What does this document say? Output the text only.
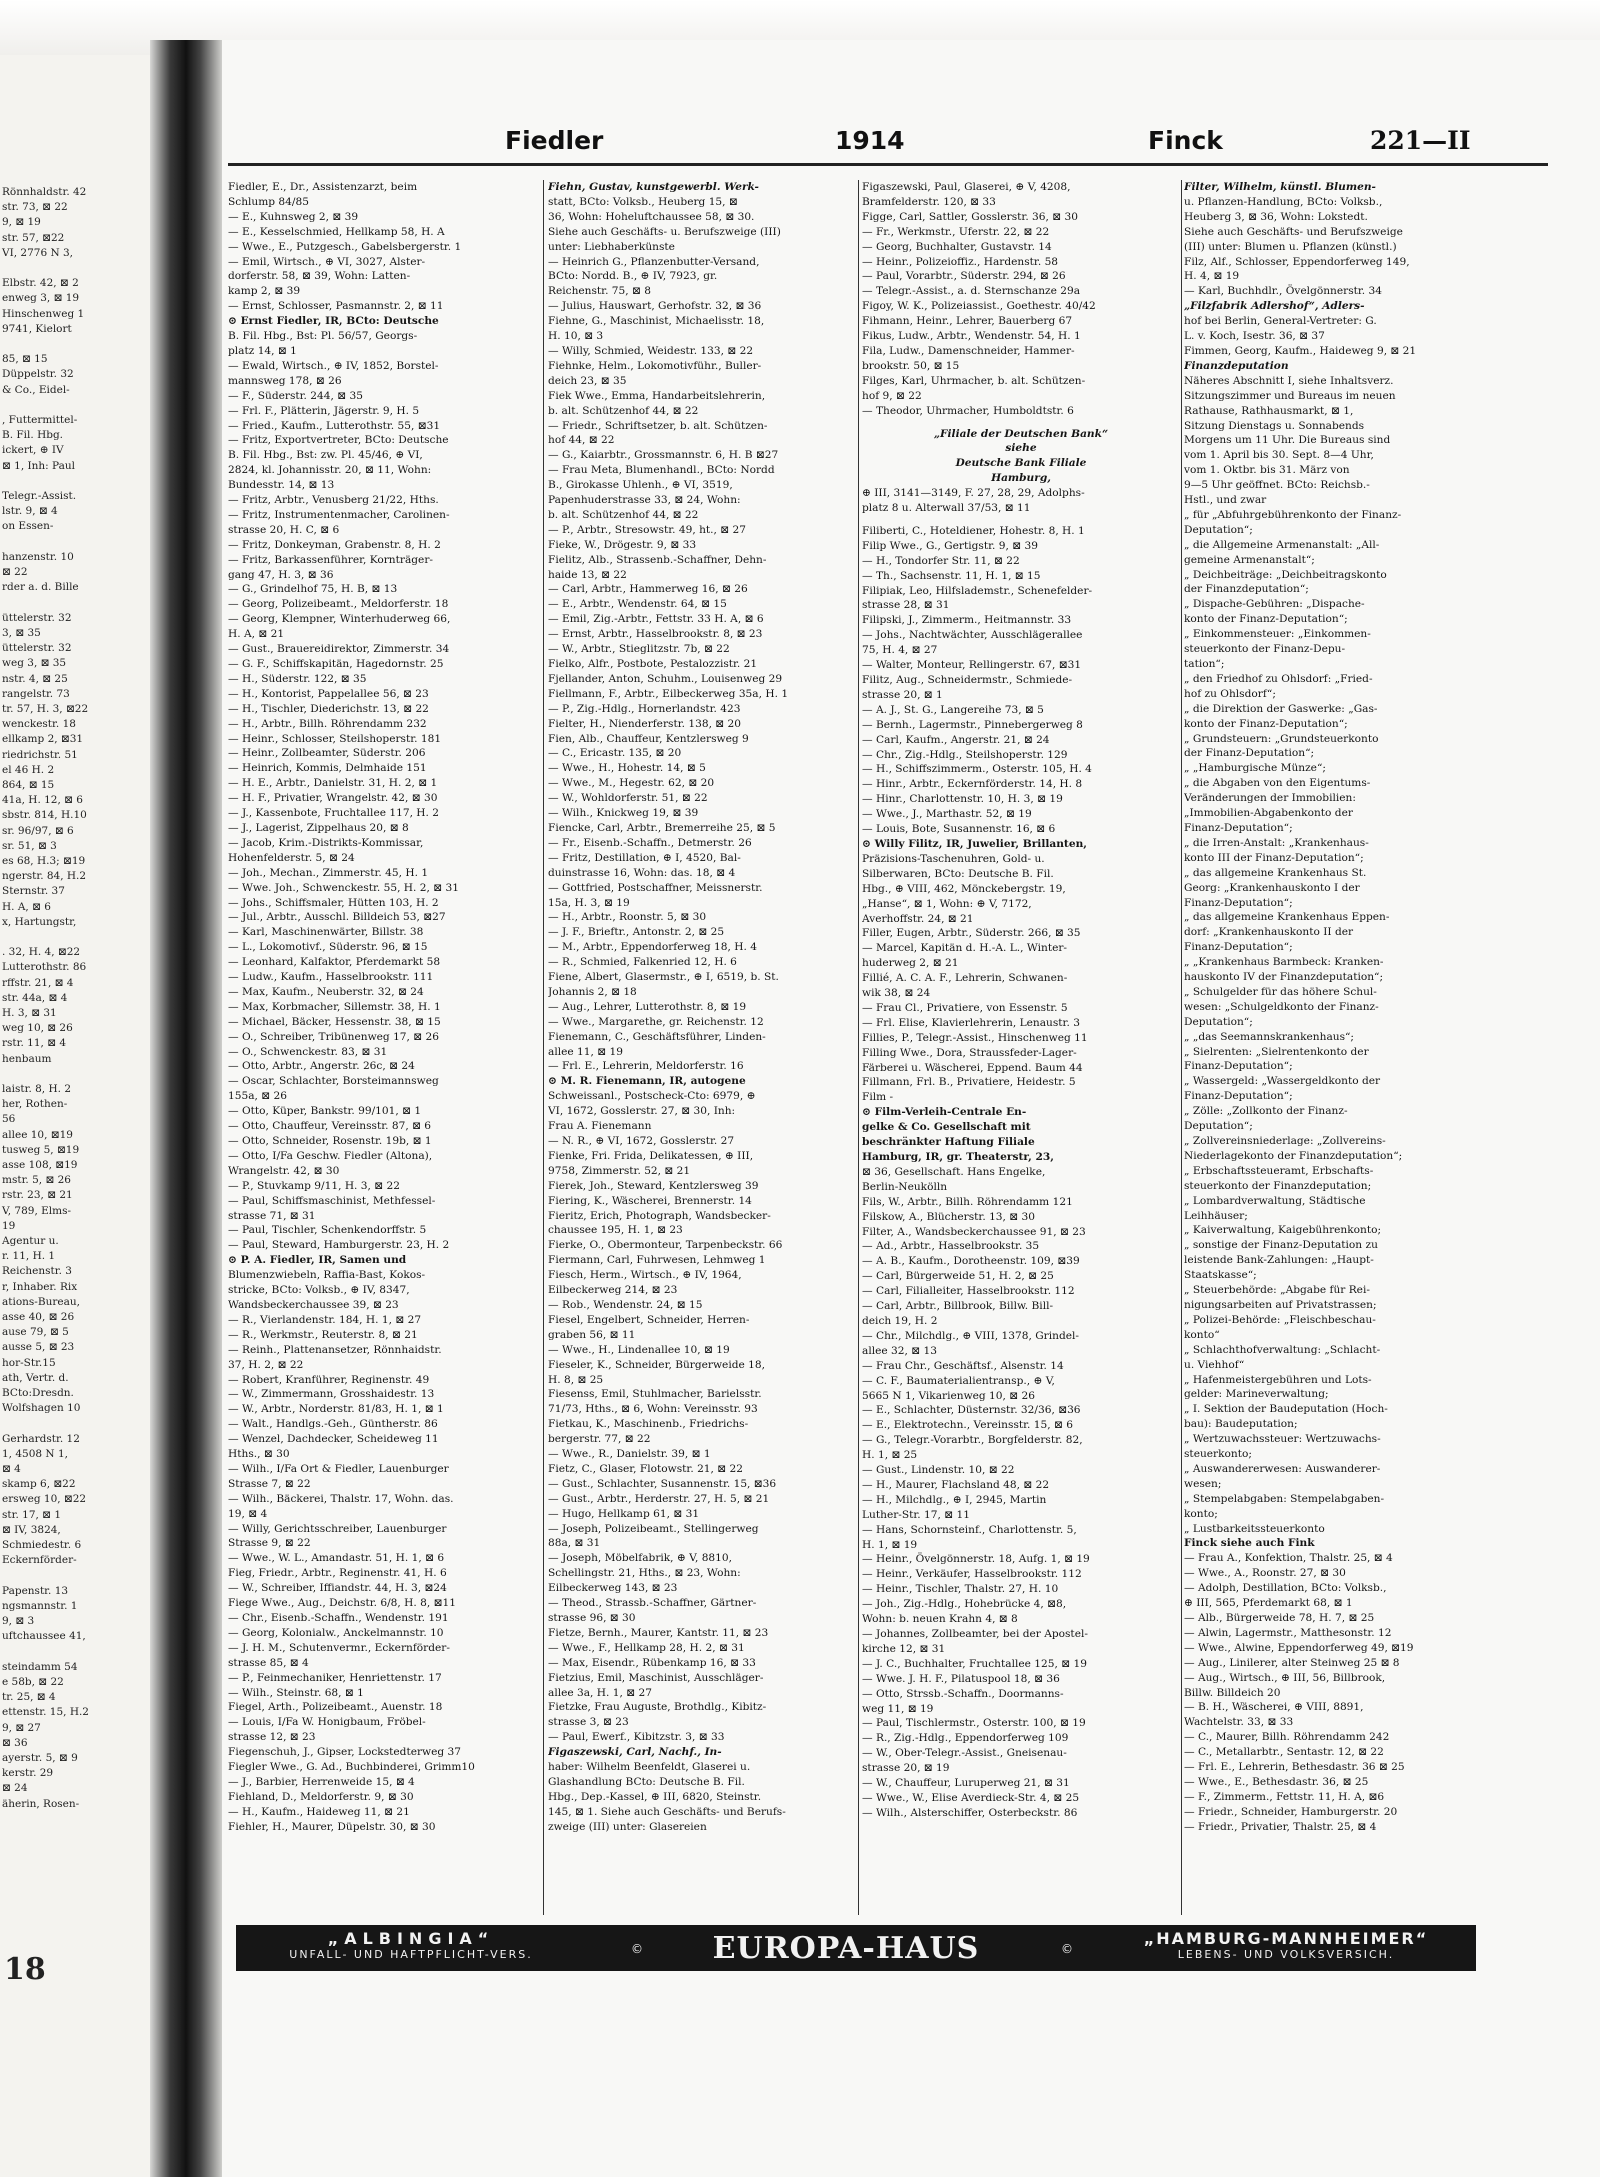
Rönnhaldstr. 42
str. 73, ⊠ 22
9, ⊠ 19
str. 57, ⊠22
VI, 2776 N 3,

Elbstr. 42, ⊠ 2
enweg 3, ⊠ 19
Hinschenweg 1
9741, Kielort

85, ⊠ 15
Düppelstr. 32
& Co., Eidel-

, Futtermittel-
B. Fil. Hbg.
ickert, ⊕ IV
⊠ 1, Inh: Paul

Telegr.-Assist.
lstr. 9, ⊠ 4
on Essen-

hanzenstr. 10
⊠ 22
rder a. d. Bille

üttelerstr. 32
3, ⊠ 35
üttelerstr. 32
weg 3, ⊠ 35
nstr. 4, ⊠ 25
rangelstr. 73
tr. 57, H. 3, ⊠22
wenckestr. 18
ellkamp 2, ⊠31
riedrichstr. 51
el 46 H. 2
864, ⊠ 15
41a, H. 12, ⊠ 6
sbstr. 814, H.10
sr. 96/97, ⊠ 6
sr. 51, ⊠ 3
es 68, H.3; ⊠19
ngerstr. 84, H.2
Sternstr. 37
H. A, ⊠ 6
x, Hartungstr,

. 32, H. 4, ⊠22
Lutterothstr. 86
rffstr. 21, ⊠ 4
str. 44a, ⊠ 4
H. 3, ⊠ 31
weg 10, ⊠ 26
rstr. 11, ⊠ 4
henbaum

laistr. 8, H. 2
her, Rothen-
56
allee 10, ⊠19
tusweg 5, ⊠19
asse 108, ⊠19
mstr. 5, ⊠ 26
rstr. 23, ⊠ 21
V, 789, Elms-
19
Agentur u.
r. 11, H. 1
Reichenstr. 3
r, Inhaber. Rix
ations-Bureau,
asse 40, ⊠ 26
ause 79, ⊠ 5
ausse 5, ⊠ 23
hor-Str.15
ath, Vertr. d.
BCto:Dresdn.
Wolfshagen 10

Gerhardstr. 12
1, 4508 N 1,
⊠ 4
skamp 6, ⊠22
ersweg 10, ⊠22
str. 17, ⊠ 1
⊠ IV, 3824,
Schmiedestr. 6
Eckernförder-

Papenstr. 13
ngsmannstr. 1
9, ⊠ 3
uftchaussee 41,

steindamm 54
e 58b, ⊠ 22
tr. 25, ⊠ 4
ettenstr. 15, H.2
9, ⊠ 27
⊠ 36
ayerstr. 5, ⊠ 9
kerstr. 29
⊠ 24
äherin, Rosen-
18
Fiedler	1914	Finck	221—II
Fiedler, E., Dr., Assistenzarzt, beim
Schlump 84/85
— E., Kuhnsweg 2, ⊠ 39
— E., Kesselschmied, Hellkamp 58, H. A
— Wwe., E., Putzgesch., Gabelsbergerstr. 1
— Emil, Wirtsch., ⊕ VI, 3027, Alster-
dorferstr. 58, ⊠ 39, Wohn: Latten-
kamp 2, ⊠ 39
— Ernst, Schlosser, Pasmannstr. 2, ⊠ 11
⊙ Ernst Fiedler, IR, BCto: Deutsche
B. Fil. Hbg., Bst: Pl. 56/57, Georgs-
platz 14, ⊠ 1
— Ewald, Wirtsch., ⊕ IV, 1852, Borstel-
mannsweg 178, ⊠ 26
— F., Süderstr. 244, ⊠ 35
— Frl. F., Plätterin, Jägerstr. 9, H. 5
— Fried., Kaufm., Lutterothstr. 55, ⊠31
— Fritz, Exportvertreter, BCto: Deutsche
B. Fil. Hbg., Bst: zw. Pl. 45/46, ⊕ VI,
2824, kl. Johannisstr. 20, ⊠ 11, Wohn:
Bundesstr. 14, ⊠ 13
— Fritz, Arbtr., Venusberg 21/22, Hths.
— Fritz, Instrumentenmacher, Carolinen-
strasse 20, H. C, ⊠ 6
— Fritz, Donkeyman, Grabenstr. 8, H. 2
— Fritz, Barkassenführer, Kornträger-
gang 47, H. 3, ⊠ 36
— G., Grindelhof 75, H. B, ⊠ 13
— Georg, Polizeibeamt., Meldorferstr. 18
— Georg, Klempner, Winterhuderweg 66,
H. A, ⊠ 21
— Gust., Brauereidirektor, Zimmerstr. 34
— G. F., Schiffskapitän, Hagedornstr. 25
— H., Süderstr. 122, ⊠ 35
— H., Kontorist, Pappelallee 56, ⊠ 23
— H., Tischler, Diederichstr. 13, ⊠ 22
— H., Arbtr., Billh. Röhrendamm 232
— Heinr., Schlosser, Steilshoperstr. 181
— Heinr., Zollbeamter, Süderstr. 206
— Heinrich, Kommis, Delmhaide 151
— H. E., Arbtr., Danielstr. 31, H. 2, ⊠ 1
— H. F., Privatier, Wrangelstr. 42, ⊠ 30
— J., Kassenbote, Fruchtallee 117, H. 2
— J., Lagerist, Zippelhaus 20, ⊠ 8
— Jacob, Krim.-Distrikts-Kommissar,
Hohenfelderstr. 5, ⊠ 24
— Joh., Mechan., Zimmerstr. 45, H. 1
— Wwe. Joh., Schwenckestr. 55, H. 2, ⊠ 31
— Johs., Schiffsmaler, Hütten 103, H. 2
— Jul., Arbtr., Ausschl. Billdeich 53, ⊠27
— Karl, Maschinenwärter, Billstr. 38
— L., Lokomotivf., Süderstr. 96, ⊠ 15
— Leonhard, Kalfaktor, Pferdemarkt 58
— Ludw., Kaufm., Hasselbrookstr. 111
— Max, Kaufm., Neuberstr. 32, ⊠ 24
— Max, Korbmacher, Sillemstr. 38, H. 1
— Michael, Bäcker, Hessenstr. 38, ⊠ 15
— O., Schreiber, Tribünenweg 17, ⊠ 26
— O., Schwenckestr. 83, ⊠ 31
— Otto, Arbtr., Angerstr. 26c, ⊠ 24
— Oscar, Schlachter, Borsteimannsweg
155a, ⊠ 26
— Otto, Küper, Bankstr. 99/101, ⊠ 1
— Otto, Chauffeur, Vereinsstr. 87, ⊠ 6
— Otto, Schneider, Rosenstr. 19b, ⊠ 1
— Otto, I/Fa Geschw. Fiedler (Altona),
Wrangelstr. 42, ⊠ 30
— P., Stuvkamp 9/11, H. 3, ⊠ 22
— Paul, Schiffsmaschinist, Methfessel-
strasse 71, ⊠ 31
— Paul, Tischler, Schenkendorffstr. 5
— Paul, Steward, Hamburgerstr. 23, H. 2
⊙ P. A. Fiedler, IR, Samen und
Blumenzwiebeln, Raffia-Bast, Kokos-
stricke, BCto: Volksb., ⊕ IV, 8347,
Wandsbeckerchaussee 39, ⊠ 23
— R., Vierlandenstr. 184, H. 1, ⊠ 27
— R., Werkmstr., Reuterstr. 8, ⊠ 21
— Reinh., Plattenansetzer, Rönnhaidstr.
37, H. 2, ⊠ 22
— Robert, Kranführer, Reginenstr. 49
— W., Zimmermann, Grosshaidestr. 13
— W., Arbtr., Norderstr. 81/83, H. 1, ⊠ 1
— Walt., Handlgs.-Geh., Güntherstr. 86
— Wenzel, Dachdecker, Scheideweg 11
Hths., ⊠ 30
— Wilh., I/Fa Ort & Fiedler, Lauenburger
Strasse 7, ⊠ 22
— Wilh., Bäckerei, Thalstr. 17, Wohn. das.
19, ⊠ 4
— Willy, Gerichtsschreiber, Lauenburger
Strasse 9, ⊠ 22
— Wwe., W. L., Amandastr. 51, H. 1, ⊠ 6
Fieg, Friedr., Arbtr., Reginenstr. 41, H. 6
— W., Schreiber, Iffiandstr. 44, H. 3, ⊠24
Fiege Wwe., Aug., Deichstr. 6/8, H. 8, ⊠11
— Chr., Eisenb.-Schaffn., Wendenstr. 191
— Georg, Kolonialw., Anckelmannstr. 10
— J. H. M., Schutenvermr., Eckernförder-
strasse 85, ⊠ 4
— P., Feinmechaniker, Henriettenstr. 17
— Wilh., Steinstr. 68, ⊠ 1
Fiegel, Arth., Polizeibeamt., Auenstr. 18
— Louis, I/Fa W. Honigbaum, Fröbel-
strasse 12, ⊠ 23
Fiegenschuh, J., Gipser, Lockstedterweg 37
Fiegler Wwe., G. Ad., Buchbinderei, Grimm10
— J., Barbier, Herrenweide 15, ⊠ 4
Fiehland, D., Meldorferstr. 9, ⊠ 30
— H., Kaufm., Haideweg 11, ⊠ 21
Fiehler, H., Maurer, Düpelstr. 30, ⊠ 30
Fiehn, Gustav, kunstgewerbl. Werk-
statt, BCto: Volksb., Heuberg 15, ⊠
36, Wohn: Hoheluftchaussee 58, ⊠ 30.
Siehe auch Geschäfts- u. Berufszweige (III)
unter: Liebhaberkünste
— Heinrich G., Pflanzenbutter-Versand,
BCto: Nordd. B., ⊕ IV, 7923, gr.
Reichenstr. 75, ⊠ 8
— Julius, Hauswart, Gerhofstr. 32, ⊠ 36
Fiehne, G., Maschinist, Michaelisstr. 18,
H. 10, ⊠ 3
— Willy, Schmied, Weidestr. 133, ⊠ 22
Fiehnke, Helm., Lokomotivführ., Buller-
deich 23, ⊠ 35
Fiek Wwe., Emma, Handarbeitslehrerin,
b. alt. Schützenhof 44, ⊠ 22
— Friedr., Schriftsetzer, b. alt. Schützen-
hof 44, ⊠ 22
— G., Kaiarbtr., Grossmannstr. 6, H. B ⊠27
— Frau Meta, Blumenhandl., BCto: Nordd
B., Girokasse Uhlenh., ⊕ VI, 3519,
Papenhuderstrasse 33, ⊠ 24, Wohn:
b. alt. Schützenhof 44, ⊠ 22
— P., Arbtr., Stresowstr. 49, ht., ⊠ 27
Fieke, W., Drögestr. 9, ⊠ 33
Fielitz, Alb., Strassenb.-Schaffner, Dehn-
haide 13, ⊠ 22
— Carl, Arbtr., Hammerweg 16, ⊠ 26
— E., Arbtr., Wendenstr. 64, ⊠ 15
— Emil, Zig.-Arbtr., Fettstr. 33 H. A, ⊠ 6
— Ernst, Arbtr., Hasselbrookstr. 8, ⊠ 23
— W., Arbtr., Stieglitzstr. 7b, ⊠ 22
Fielko, Alfr., Postbote, Pestalozzistr. 21
Fjellander, Anton, Schuhm., Louisenweg 29
Fiellmann, F., Arbtr., Eilbeckerweg 35a, H. 1
— P., Zig.-Hdlg., Hornerlandstr. 423
Fielter, H., Nienderferstr. 138, ⊠ 20
Fien, Alb., Chauffeur, Kentzlersweg 9
— C., Ericastr. 135, ⊠ 20
— Wwe., H., Hohestr. 14, ⊠ 5
— Wwe., M., Hegestr. 62, ⊠ 20
— W., Wohldorferstr. 51, ⊠ 22
— Wilh., Knickweg 19, ⊠ 39
Fiencke, Carl, Arbtr., Bremerreihe 25, ⊠ 5
— Fr., Eisenb.-Schaffn., Detmerstr. 26
— Fritz, Destillation, ⊕ I, 4520, Bal-
duinstrasse 16, Wohn: das. 18, ⊠ 4
— Gottfried, Postschaffner, Meissnerstr.
15a, H. 3, ⊠ 19
— H., Arbtr., Roonstr. 5, ⊠ 30
— J. F., Brieftr., Antonstr. 2, ⊠ 25
— M., Arbtr., Eppendorferweg 18, H. 4
— R., Schmied, Falkenried 12, H. 6
Fiene, Albert, Glasermstr., ⊕ I, 6519, b. St.
Johannis 2, ⊠ 18
— Aug., Lehrer, Lutterothstr. 8, ⊠ 19
— Wwe., Margarethe, gr. Reichenstr. 12
Fienemann, C., Geschäftsführer, Linden-
allee 11, ⊠ 19
— Frl. E., Lehrerin, Meldorferstr. 16
⊙ M. R. Fienemann, IR, autogene
Schweissanl., Postscheck-Cto: 6979, ⊕
VI, 1672, Gosslerstr. 27, ⊠ 30, Inh:
Frau A. Fienemann
— N. R., ⊕ VI, 1672, Gosslerstr. 27
Fienke, Fri. Frida, Delikatessen, ⊕ III,
9758, Zimmerstr. 52, ⊠ 21
Fierek, Joh., Steward, Kentzlersweg 39
Fiering, K., Wäscherei, Brennerstr. 14
Fieritz, Erich, Photograph, Wandsbecker-
chaussee 195, H. 1, ⊠ 23
Fierke, O., Obermonteur, Tarpenbeckstr. 66
Fiermann, Carl, Fuhrwesen, Lehmweg 1
Fiesch, Herm., Wirtsch., ⊕ IV, 1964,
Eilbeckerweg 214, ⊠ 23
— Rob., Wendenstr. 24, ⊠ 15
Fiesel, Engelbert, Schneider, Herren-
graben 56, ⊠ 11
— Wwe., H., Lindenallee 10, ⊠ 19
Fieseler, K., Schneider, Bürgerweide 18,
H. 8, ⊠ 25
Fiesenss, Emil, Stuhlmacher, Barielsstr.
71/73, Hths., ⊠ 6, Wohn: Vereinsstr. 93
Fietkau, K., Maschinenb., Friedrichs-
bergerstr. 77, ⊠ 22
— Wwe., R., Danielstr. 39, ⊠ 1
Fietz, C., Glaser, Flotowstr. 21, ⊠ 22
— Gust., Schlachter, Susannenstr. 15, ⊠36
— Gust., Arbtr., Herderstr. 27, H. 5, ⊠ 21
— Hugo, Hellkamp 61, ⊠ 31
— Joseph, Polizeibeamt., Stellingerweg
88a, ⊠ 31
— Joseph, Möbelfabrik, ⊕ V, 8810,
Schellingstr. 21, Hths., ⊠ 23, Wohn:
Eilbeckerweg 143, ⊠ 23
— Theod., Strassb.-Schaffner, Gärtner-
strasse 96, ⊠ 30
Fietze, Bernh., Maurer, Kantstr. 11, ⊠ 23
— Wwe., F., Hellkamp 28, H. 2, ⊠ 31
— Max, Eisendr., Rübenkamp 16, ⊠ 33
Fietzius, Emil, Maschinist, Ausschläger-
allee 3a, H. 1, ⊠ 27
Fietzke, Frau Auguste, Brothdlg., Kibitz-
strasse 3, ⊠ 23
— Paul, Ewerf., Kibitzstr. 3, ⊠ 33
Figaszewski, Carl, Nachf., In-
haber: Wilhelm Beenfeldt, Glaserei u.
Glashandlung BCto: Deutsche B. Fil.
Hbg., Dep.-Kassel, ⊕ III, 6820, Steinstr.
145, ⊠ 1. Siehe auch Geschäfts- und Berufs-
zweige (III) unter: Glasereien
Figaszewski, Paul, Glaserei, ⊕ V, 4208,
Bramfelderstr. 120, ⊠ 33
Figge, Carl, Sattler, Gosslerstr. 36, ⊠ 30
— Fr., Werkmstr., Uferstr. 22, ⊠ 22
— Georg, Buchhalter, Gustavstr. 14
— Heinr., Polizeioffiz., Hardenstr. 58
— Paul, Vorarbtr., Süderstr. 294, ⊠ 26
— Telegr.-Assist., a. d. Sternschanze 29a
Figoy, W. K., Polizeiassist., Goethestr. 40/42
Fihmann, Heinr., Lehrer, Bauerberg 67
Fikus, Ludw., Arbtr., Wendenstr. 54, H. 1
Fila, Ludw., Damenschneider, Hammer-
brookstr. 50, ⊠ 15
Filges, Karl, Uhrmacher, b. alt. Schützen-
hof 9, ⊠ 22
— Theodor, Uhrmacher, Humboldtstr. 6
„Filiale der Deutschen Bank“
siehe
Deutsche Bank Filiale
Hamburg,
⊕ III, 3141—3149, F. 27, 28, 29, Adolphs-
platz 8 u. Alterwall 37/53, ⊠ 11
Filiberti, C., Hoteldiener, Hohestr. 8, H. 1
Filip Wwe., G., Gertigstr. 9, ⊠ 39
— H., Tondorfer Str. 11, ⊠ 22
— Th., Sachsenstr. 11, H. 1, ⊠ 15
Filipiak, Leo, Hilfslademstr., Schenefelder-
strasse 28, ⊠ 31
Filipski, J., Zimmerm., Heitmannstr. 33
— Johs., Nachtwächter, Ausschlägerallee
75, H. 4, ⊠ 27
— Walter, Monteur, Rellingerstr. 67, ⊠31
Filitz, Aug., Schneidermstr., Schmiede-
strasse 20, ⊠ 1
— A. J., St. G., Langereihe 73, ⊠ 5
— Bernh., Lagermstr., Pinnebergerweg 8
— Carl, Kaufm., Angerstr. 21, ⊠ 24
— Chr., Zig.-Hdlg., Steilshoperstr. 129
— H., Schiffszimmerm., Osterstr. 105, H. 4
— Hinr., Arbtr., Eckernförderstr. 14, H. 8
— Hinr., Charlottenstr. 10, H. 3, ⊠ 19
— Wwe., J., Marthastr. 52, ⊠ 19
— Louis, Bote, Susannenstr. 16, ⊠ 6
⊙ Willy Filitz, IR, Juwelier, Brillanten,
Präzisions-Taschenuhren, Gold- u.
Silberwaren, BCto: Deutsche B. Fil.
Hbg., ⊕ VIII, 462, Mönckebergstr. 19,
„Hanse“, ⊠ 1, Wohn: ⊕ V, 7172,
Averhoffstr. 24, ⊠ 21
Filler, Eugen, Arbtr., Süderstr. 266, ⊠ 35
— Marcel, Kapitän d. H.-A. L., Winter-
huderweg 2, ⊠ 21
Fillié, A. C. A. F., Lehrerin, Schwanen-
wik 38, ⊠ 24
— Frau Cl., Privatiere, von Essenstr. 5
— Frl. Elise, Klavierlehrerin, Lenaustr. 3
Fillies, P., Telegr.-Assist., Hinschenweg 11
Filling Wwe., Dora, Straussfeder-Lager-
Färberei u. Wäscherei, Eppend. Baum 44
Fillmann, Frl. B., Privatiere, Heidestr. 5
Film -
⊙ Film-Verleih-Centrale En-
gelke & Co. Gesellschaft mit
beschränkter Haftung Filiale
Hamburg, IR, gr. Theaterstr, 23,
⊠ 36, Gesellschaft. Hans Engelke,
Berlin-Neukölln
Fils, W., Arbtr., Billh. Röhrendamm 121
Filskow, A., Blücherstr. 13, ⊠ 30
Filter, A., Wandsbeckerchaussee 91, ⊠ 23
— Ad., Arbtr., Hasselbrookstr. 35
— A. B., Kaufm., Dorotheenstr. 109, ⊠39
— Carl, Bürgerweide 51, H. 2, ⊠ 25
— Carl, Filialleiter, Hasselbrookstr. 112
— Carl, Arbtr., Billbrook, Billw. Bill-
deich 19, H. 2
— Chr., Milchdlg., ⊕ VIII, 1378, Grindel-
allee 32, ⊠ 13
— Frau Chr., Geschäftsf., Alsenstr. 14
— C. F., Baumaterialientransp., ⊕ V,
5665 N 1, Vikarienweg 10, ⊠ 26
— E., Schlachter, Düsternstr. 32/36, ⊠36
— E., Elektrotechn., Vereinsstr. 15, ⊠ 6
— G., Telegr.-Vorarbtr., Borgfelderstr. 82,
H. 1, ⊠ 25
— Gust., Lindenstr. 10, ⊠ 22
— H., Maurer, Flachsland 48, ⊠ 22
— H., Milchdlg., ⊕ I, 2945, Martin
Luther-Str. 17, ⊠ 11
— Hans, Schornsteinf., Charlottenstr. 5,
H. 1, ⊠ 19
— Heinr., Övelgönnerstr. 18, Aufg. 1, ⊠ 19
— Heinr., Verkäufer, Hasselbrookstr. 112
— Heinr., Tischler, Thalstr. 27, H. 10
— Joh., Zig.-Hdlg., Hohebrücke 4, ⊠8,
Wohn: b. neuen Krahn 4, ⊠ 8
— Johannes, Zollbeamter, bei der Apostel-
kirche 12, ⊠ 31
— J. C., Buchhalter, Fruchtallee 125, ⊠ 19
— Wwe. J. H. F., Pilatuspool 18, ⊠ 36
— Otto, Strssb.-Schaffn., Doormanns-
weg 11, ⊠ 19
— Paul, Tischlermstr., Osterstr. 100, ⊠ 19
— R., Zig.-Hdlg., Eppendorferweg 109
— W., Ober-Telegr.-Assist., Gneisenau-
strasse 20, ⊠ 19
— W., Chauffeur, Luruperweg 21, ⊠ 31
— Wwe., W., Elise Averdieck-Str. 4, ⊠ 25
— Wilh., Alsterschiffer, Osterbeckstr. 86
Filter, Wilhelm, künstl. Blumen-
u. Pflanzen-Handlung, BCto: Volksb.,
Heuberg 3, ⊠ 36, Wohn: Lokstedt.
Siehe auch Geschäfts- und Berufszweige
(III) unter: Blumen u. Pflanzen (künstl.)
Filz, Alf., Schlosser, Eppendorferweg 149,
H. 4, ⊠ 19
— Karl, Buchhdlr., Övelgönnerstr. 34
„Filzfabrik Adlershof“, Adlers-
hof bei Berlin, General-Vertreter: G.
L. v. Koch, Isestr. 36, ⊠ 37
Fimmen, Georg, Kaufm., Haideweg 9, ⊠ 21
Finanzdeputation
Näheres Abschnitt I, siehe Inhaltsverz.
Sitzungszimmer und Bureaus im neuen
Rathause, Rathhausmarkt, ⊠ 1,
Sitzung Dienstags u. Sonnabends
Morgens um 11 Uhr. Die Bureaus sind
vom 1. April bis 30. Sept. 8—4 Uhr,
vom 1. Oktbr. bis 31. März von
9—5 Uhr geöffnet. BCto: Reichsb.-
Hstl., und zwar
„ für „Abfuhrgebührenkonto der Finanz-
Deputation“;
„ die Allgemeine Armenanstalt: „All-
gemeine Armenanstalt“;
„ Deichbeiträge: „Deichbeitragskonto
der Finanzdeputation“;
„ Dispache-Gebühren: „Dispache-
konto der Finanz-Deputation“;
„ Einkommensteuer: „Einkommen-
steuerkonto der Finanz-Depu-
tation“;
„ den Friedhof zu Ohlsdorf: „Fried-
hof zu Ohlsdorf“;
„ die Direktion der Gaswerke: „Gas-
konto der Finanz-Deputation“;
„ Grundsteuern: „Grundsteuerkonto
der Finanz-Deputation“;
„ „Hamburgische Münze“;
„ die Abgaben von den Eigentums-
Veränderungen der Immobilien:
„Immobilien-Abgabenkonto der
Finanz-Deputation“;
„ die Irren-Anstalt: „Krankenhaus-
konto III der Finanz-Deputation“;
„ das allgemeine Krankenhaus St.
Georg: „Krankenhauskonto I der
Finanz-Deputation“;
„ das allgemeine Krankenhaus Eppen-
dorf: „Krankenhauskonto II der
Finanz-Deputation“;
„ „Krankenhaus Barmbeck: Kranken-
hauskonto IV der Finanzdeputation“;
„ Schulgelder für das höhere Schul-
wesen: „Schulgeldkonto der Finanz-
Deputation“;
„ „das Seemannskrankenhaus“;
„ Sielrenten: „Sielrentenkonto der
Finanz-Deputation“;
„ Wassergeld: „Wassergeldkonto der
Finanz-Deputation“;
„ Zölle: „Zollkonto der Finanz-
Deputation“;
„ Zollvereinsniederlage: „Zollvereins-
Niederlagekonto der Finanzdeputation“;
„ Erbschaftssteueramt, Erbschafts-
steuerkonto der Finanzdeputation;
„ Lombardverwaltung, Städtische
Leihhäuser;
„ Kaiverwaltung, Kaigebührenkonto;
„ sonstige der Finanz-Deputation zu
leistende Bank-Zahlungen: „Haupt-
Staatskasse“;
„ Steuerbehörde: „Abgabe für Rei-
nigungsarbeiten auf Privatstrassen;
„ Polizei-Behörde: „Fleischbeschau-
konto“
„ Schlachthofverwaltung: „Schlacht-
u. Viehhof“
„ Hafenmeistergebühren und Lots-
gelder: Marineverwaltung;
„ I. Sektion der Baudeputation (Hoch-
bau): Baudeputation;
„ Wertzuwachssteuer: Wertzuwachs-
steuerkonto;
„ Auswandererwesen: Auswanderer-
wesen;
„ Stempelabgaben: Stempelabgaben-
konto;
„ Lustbarkeitssteuerkonto
Finck siehe auch Fink
— Frau A., Konfektion, Thalstr. 25, ⊠ 4
— Wwe., A., Roonstr. 27, ⊠ 30
— Adolph, Destillation, BCto: Volksb.,
⊕ III, 565, Pferdemarkt 68, ⊠ 1
— Alb., Bürgerweide 78, H. 7, ⊠ 25
— Alwin, Lagermstr., Matthesonstr. 12
— Wwe., Alwine, Eppendorferweg 49, ⊠19
— Aug., Linilerer, alter Steinweg 25 ⊠ 8
— Aug., Wirtsch., ⊕ III, 56, Billbrook,
Billw. Billdeich 20
— B. H., Wäscherei, ⊕ VIII, 8891,
Wachtelstr. 33, ⊠ 33
— C., Maurer, Billh. Röhrendamm 242
— C., Metallarbtr., Sentastr. 12, ⊠ 22
— Frl. E., Lehrerin, Bethesdastr. 36 ⊠ 25
— Wwe., E., Bethesdastr. 36, ⊠ 25
— F., Zimmerm., Fettstr. 11, H. A, ⊠6
— Friedr., Schneider, Hamburgerstr. 20
— Friedr., Privatier, Thalstr. 25, ⊠ 4
„ALBINGIA“
UNFALL- UND HAFTPFLICHT-VERS.	©	EUROPA-HAUS	©
„HAMBURG-MANNHEIMER“
LEBENS- UND VOLKSVERSICH.
